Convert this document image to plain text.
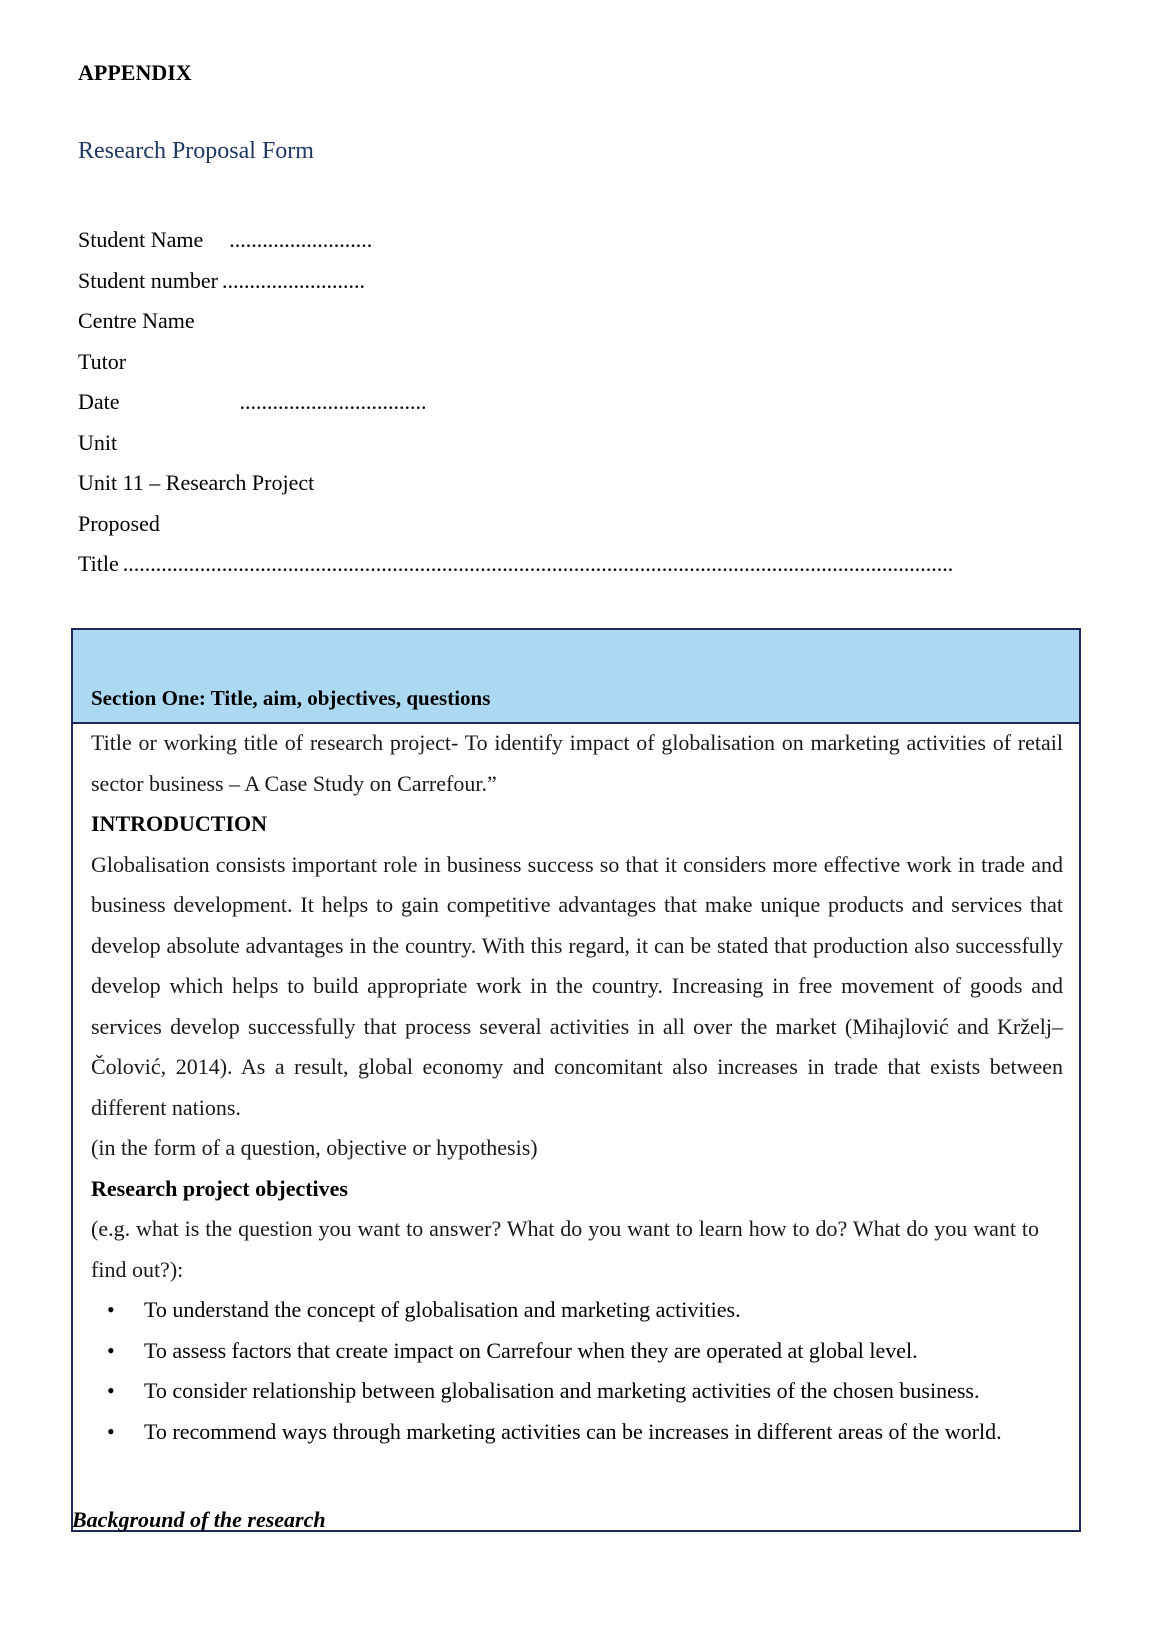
APPENDIX
Research Proposal Form
Student Name ..........................
Student number ..........................
Centre Name
Tutor
Date	..................................
Unit
Unit 11 – Research Project
Proposed
Title .......................................................................................................................................................
Section One: Title, aim, objectives, questions
Title or working title of research project- To identify impact of globalisation on marketing activities of retail sector business – A Case Study on Carrefour.”
INTRODUCTION
Globalisation consists important role in business success so that it considers more effective work in trade and business development. It helps to gain competitive advantages that make unique products and services that develop absolute advantages in the country. With this regard, it can be stated that production also successfully develop which helps to build appropriate work in the country. Increasing in free movement of goods and services develop successfully that process several activities in all over the market (Mihajlović and Krželj–Čolović, 2014). As a result, global economy and concomitant also increases in trade that exists between different nations.
(in the form of a question, objective or hypothesis)
Research project objectives
(e.g. what is the question you want to answer? What do you want to learn how to do? What do you want to find out?):
• To understand the concept of globalisation and marketing activities.
• To assess factors that create impact on Carrefour when they are operated at global level.
• To consider relationship between globalisation and marketing activities of the chosen business.
• To recommend ways through marketing activities can be increases in different areas of the world.
Background of the research
